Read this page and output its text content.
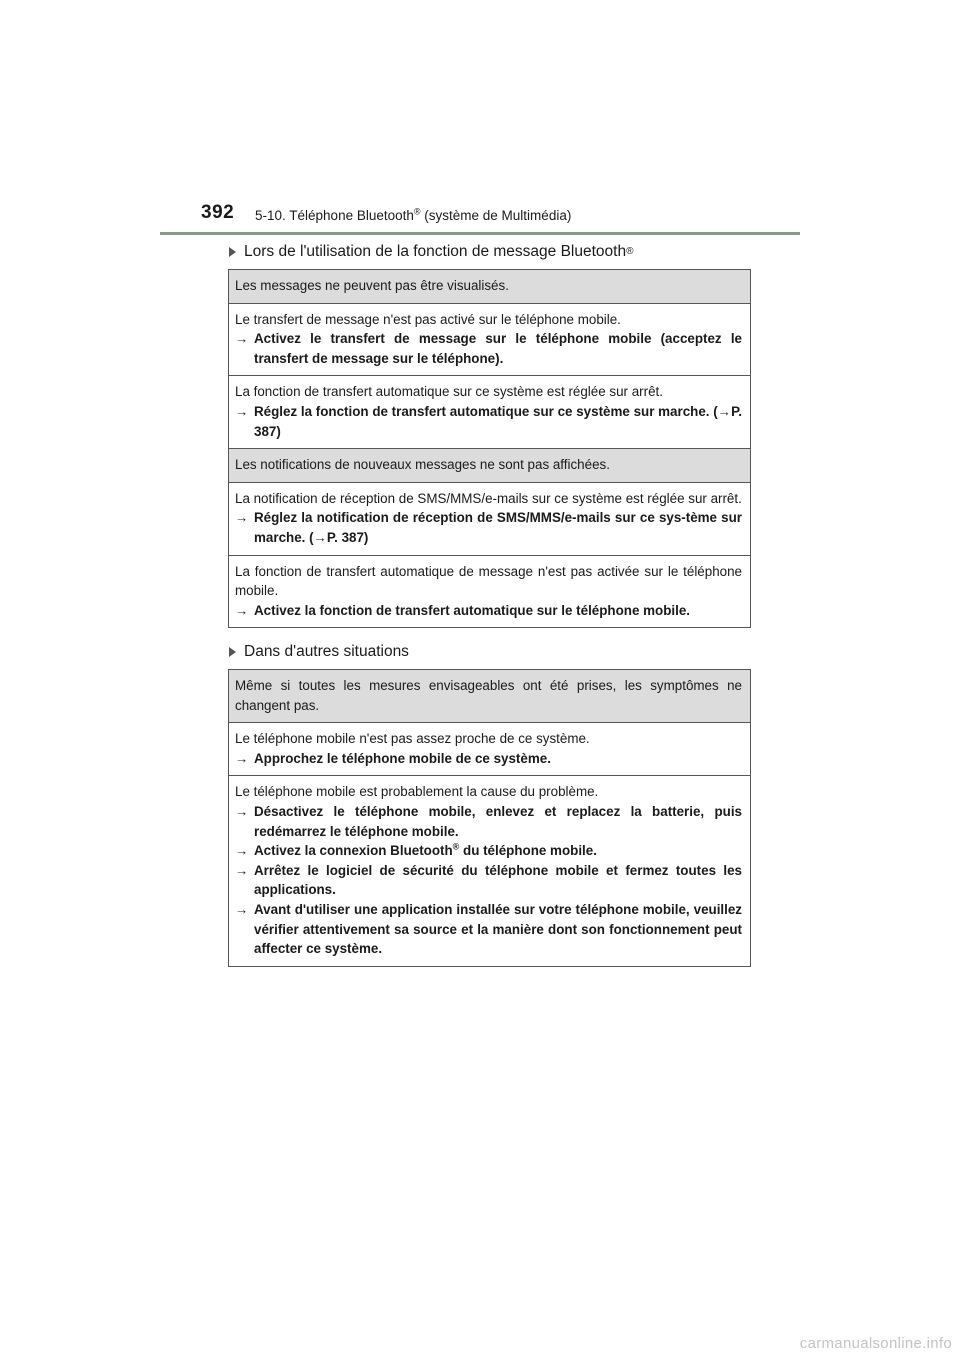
392 5-10. Téléphone Bluetooth® (système de Multimédia)
Lors de l'utilisation de la fonction de message Bluetooth ®
Les messages ne peuvent pas être visualisés.
Le transfert de message n'est pas activé sur le téléphone mobile.
→ Activez le transfert de message sur le téléphone mobile (acceptez le transfert de message sur le téléphone).
La fonction de transfert automatique sur ce système est réglée sur arrêt.
→ Réglez la fonction de transfert automatique sur ce système sur marche. (→P. 387)
Les notifications de nouveaux messages ne sont pas affichées.
La notification de réception de SMS/MMS/e-mails sur ce système est réglée sur arrêt.
→ Réglez la notification de réception de SMS/MMS/e-mails sur ce sys-tème sur marche. (→P. 387)
La fonction de transfert automatique de message n'est pas activée sur le téléphone mobile.
→ Activez la fonction de transfert automatique sur le téléphone mobile.
Dans d'autres situations
Même si toutes les mesures envisageables ont été prises, les symptômes ne changent pas.
Le téléphone mobile n'est pas assez proche de ce système.
→ Approchez le téléphone mobile de ce système.
Le téléphone mobile est probablement la cause du problème.
→ Désactivez le téléphone mobile, enlevez et replacez la batterie, puis redémarrez le téléphone mobile.
→ Activez la connexion Bluetooth® du téléphone mobile.
→ Arrêtez le logiciel de sécurité du téléphone mobile et fermez toutes les applications.
→ Avant d'utiliser une application installée sur votre téléphone mobile, veuillez vérifier attentivement sa source et la manière dont son fonctionnement peut affecter ce système.
carmanualsonline.info
